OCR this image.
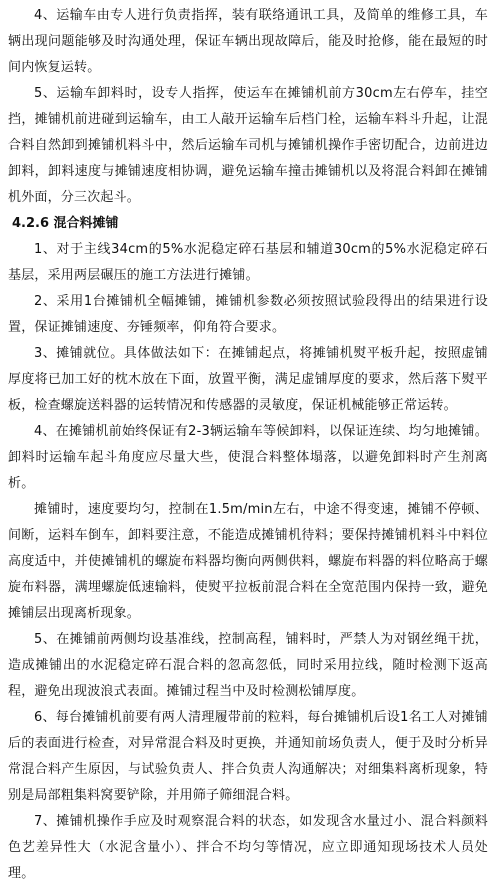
4、运输车由专人进行负责指挥，装有联络通讯工具，及简单的维修工具，车辆出现问题能够及时沟通处理，保证车辆出现故障后，能及时抢修，能在最短的时间内恢复运转。

5、运输车卸料时，设专人指挥，使运车在摊铺机前方30cm左右停车，挂空挡，摊铺机前进碰到运输车，由工人敲开运输车后档门栓，运输车料斗升起，让混合料自然卸到摊铺机料斗中，然后运输车司机与摊铺机操作手密切配合，边前进边卸料，卸料速度与摊铺速度相协调，避免运输车撞击摊铺机以及将混合料卸在摊铺机外面，分三次起斗。

4.2.6 混合料摊铺

1、对于主线34cm的5%水泥稳定碎石基层和辅道30cm的5%水泥稳定碎石基层，采用两层碾压的施工方法进行摊铺。

2、采用1台摊铺机全幅摊铺，摊铺机参数必须按照试验段得出的结果进行设置，保证摊铺速度、夯锤频率，仰角符合要求。

3、摊铺就位。具体做法如下：在摊铺起点，将摊铺机熨平板升起，按照虚铺厚度将已加工好的枕木放在下面，放置平衡，满足虚铺厚度的要求，然后落下熨平板，检查螺旋送料器的运转情况和传感器的灵敏度，保证机械能够正常运转。

4、在摊铺机前始终保证有2-3辆运输车等候卸料，以保证连续、均匀地摊铺。卸料时运输车起斗角度应尽量大些，使混合料整体塌落，以避免卸料时产生剂离析。

摊铺时，速度要均匀，控制在1.5m/min左右，中途不得变速，摊铺不停顿、间断，运料车倒车，卸料要注意，不能造成摊铺机待料；要保持摊铺机料斗中料位高度适中，并使摊铺机的螺旋布料器均衡向两侧供料，螺旋布料器的料位略高于螺旋布料器，满埋螺旋低速输料，使熨平拉板前混合料在全宽范围内保持一致，避免摊铺层出现离析现象。

5、在摊铺前两侧均设基准线，控制高程，铺料时，严禁人为对钢丝绳干扰，造成摊铺出的水泥稳定碎石混合料的忽高忽低，同时采用拉线，随时检测下返高程，避免出现波浪式表面。摊铺过程当中及时检测松铺厚度。

6、每台摊铺机前要有两人清理履带前的粒料，每台摊铺机后设1名工人对摊铺后的表面进行检查，对异常混合料及时更换，并通知前场负责人，便于及时分析异常混合料产生原因，与试验负责人、拌合负责人沟通解决；对细集料离析现象，特别是局部粗集料窝要铲除，并用筛子筛细混合料。

7、摊铺机操作手应及时观察混合料的状态，如发现含水量过小、混合料颜料色艺差异性大（水泥含量小）、拌合不均匀等情况，应立即通知现场技术人员处理。
